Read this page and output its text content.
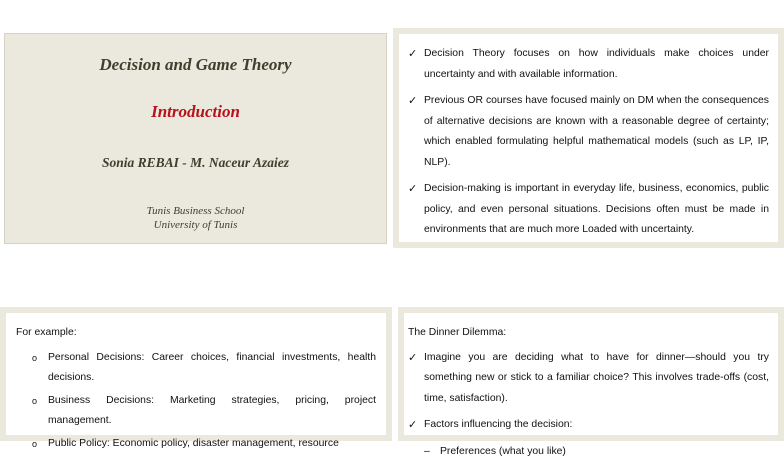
Decision and Game Theory
Introduction
Sonia REBAI - M. Naceur Azaiez
Tunis Business School
University of Tunis
✓ Decision Theory focuses on how individuals make choices under uncertainty and with available information.
✓ Previous OR courses have focused mainly on DM when the consequences of alternative decisions are known with a reasonable degree of certainty; which enabled formulating helpful mathematical models (such as LP, IP, NLP).
✓ Decision-making is important in everyday life, business, economics, public policy, and even personal situations. Decisions often must be made in environments that are much more Loaded with uncertainty.
For example:
o Personal Decisions: Career choices, financial investments, health decisions.
o Business Decisions: Marketing strategies, pricing, project management.
o Public Policy: Economic policy, disaster management, resource
The Dinner Dilemma:
✓ Imagine you are deciding what to have for dinner—should you try something new or stick to a familiar choice? This involves trade-offs (cost, time, satisfaction).
✓ Factors influencing the decision:
– Preferences (what you like)
